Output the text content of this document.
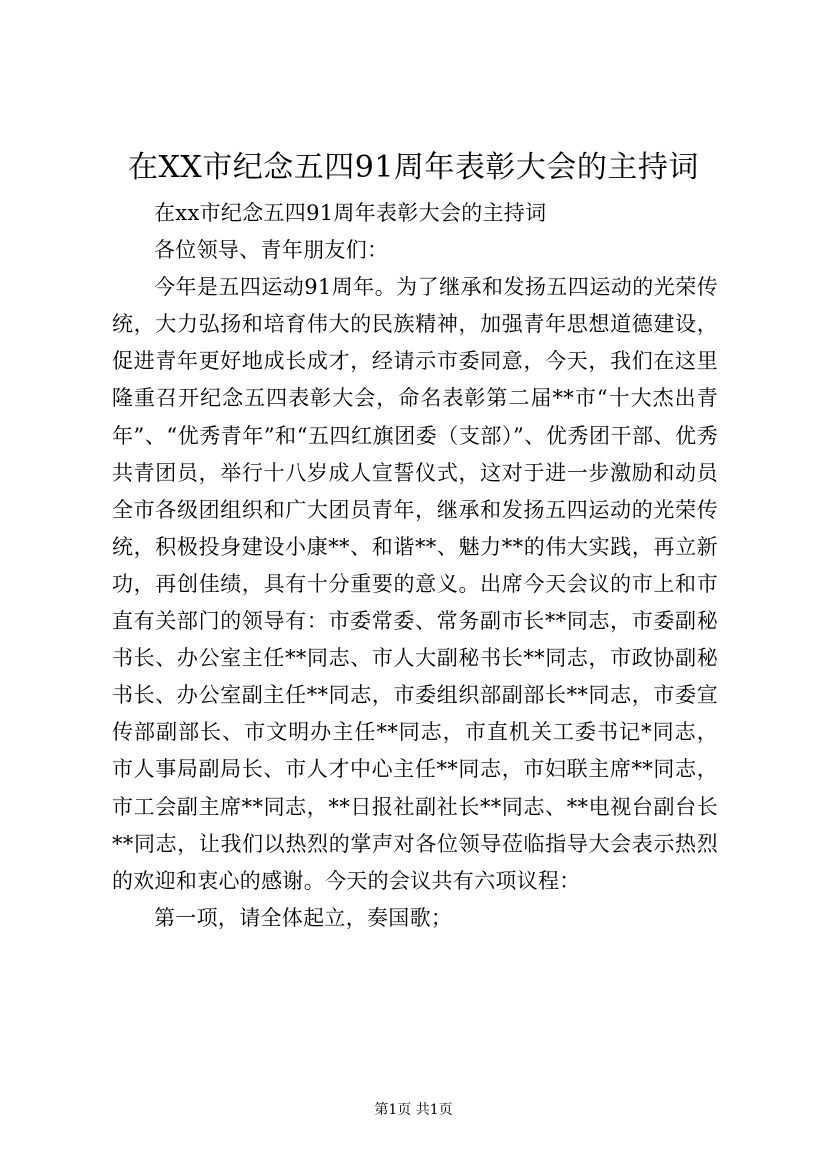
在XX市纪念五四91周年表彰大会的主持词

在xx市纪念五四91周年表彰大会的主持词

各位领导、青年朋友们：

今年是五四运动91周年。为了继承和发扬五四运动的光荣传统，大力弘扬和培育伟大的民族精神，加强青年思想道德建设，促进青年更好地成长成才，经请示市委同意，今天，我们在这里隆重召开纪念五四表彰大会，命名表彰第二届**市“十大杰出青年”、“优秀青年”和“五四红旗团委（支部）”、优秀团干部、优秀共青团员，举行十八岁成人宣誓仪式，这对于进一步激励和动员全市各级团组织和广大团员青年，继承和发扬五四运动的光荣传统，积极投身建设小康**、和谐**、魅力**的伟大实践，再立新功，再创佳绩，具有十分重要的意义。出席今天会议的市上和市直有关部门的领导有：市委常委、常务副市长**同志，市委副秘书长、办公室主任**同志、市人大副秘书长**同志，市政协副秘书长、办公室副主任**同志，市委组织部副部长**同志，市委宣传部副部长、市文明办主任**同志，市直机关工委书记*同志，市人事局副局长、市人才中心主任**同志，市妇联主席**同志，市工会副主席**同志，**日报社副社长**同志、**电视台副台长**同志，让我们以热烈的掌声对各位领导莅临指导大会表示热烈的欢迎和衷心的感谢。今天的会议共有六项议程：

第一项，请全体起立，奏国歌；

第1页 共1页
